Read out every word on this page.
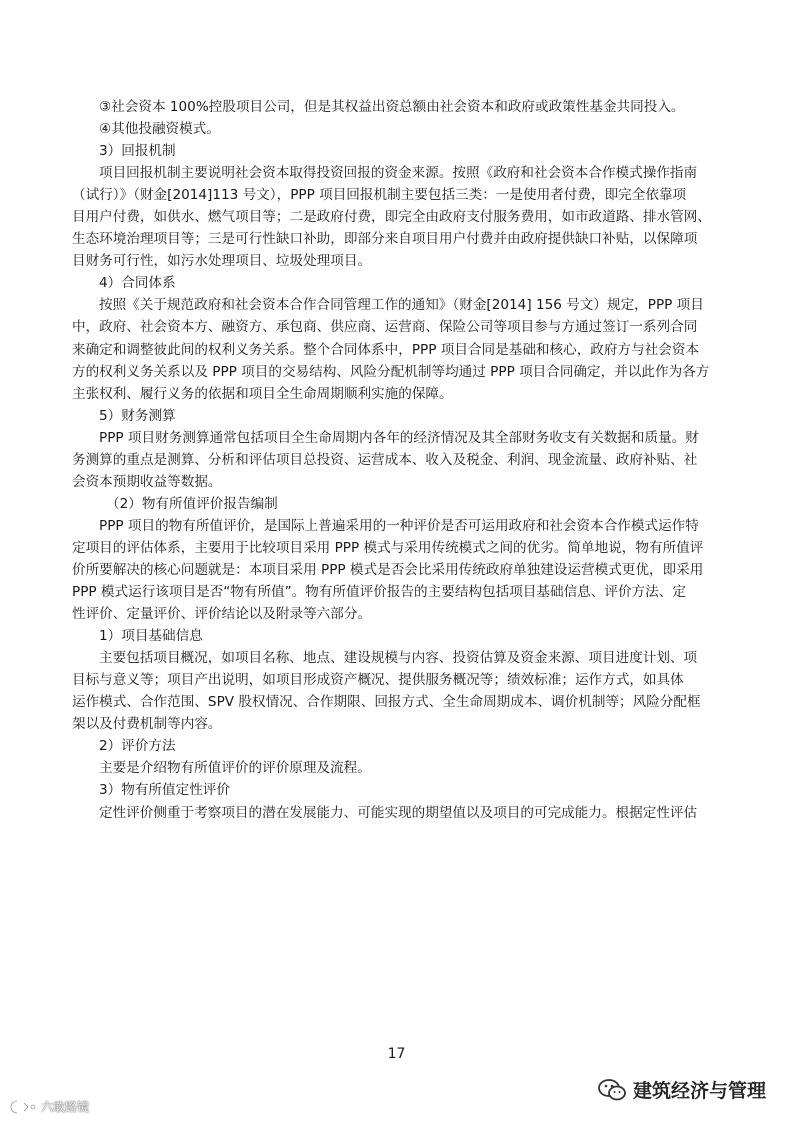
③社会资本 100%控股项目公司，但是其权益出资总额由社会资本和政府或政策性基金共同投入。
④其他投融资模式。
3）回报机制
项目回报机制主要说明社会资本取得投资回报的资金来源。按照《政府和社会资本合作模式操作指南
（试行）》（财金[2014]113 号文），PPP 项目回报机制主要包括三类：一是使用者付费，即完全依靠项
目用户付费，如供水、燃气项目等；二是政府付费，即完全由政府支付服务费用，如市政道路、排水管网、
生态环境治理项目等；三是可行性缺口补助，即部分来自项目用户付费并由政府提供缺口补贴，以保障项
目财务可行性，如污水处理项目、垃圾处理项目。
4）合同体系
按照《关于规范政府和社会资本合作合同管理工作的通知》（财金[2014] 156 号文）规定，PPP 项目
中，政府、社会资本方、融资方、承包商、供应商、运营商、保险公司等项目参与方通过签订一系列合同
来确定和调整彼此间的权利义务关系。整个合同体系中，PPP 项目合同是基础和核心，政府方与社会资本
方的权利义务关系以及 PPP 项目的交易结构、风险分配机制等均通过 PPP 项目合同确定，并以此作为各方
主张权利、履行义务的依据和项目全生命周期顺利实施的保障。
5）财务测算
PPP 项目财务测算通常包括项目全生命周期内各年的经济情况及其全部财务收支有关数据和质量。财
务测算的重点是测算、分析和评估项目总投资、运营成本、收入及税金、利润、现金流量、政府补贴、社
会资本预期收益等数据。
（2）物有所值评价报告编制
PPP 项目的物有所值评价，是国际上普遍采用的一种评价是否可运用政府和社会资本合作模式运作特
定项目的评估体系，主要用于比较项目采用 PPP 模式与采用传统模式之间的优劣。简单地说，物有所值评
价所要解决的核心问题就是：本项目采用 PPP 模式是否会比采用传统政府单独建设运营模式更优，即采用
PPP 模式运行该项目是否“物有所值”。物有所值评价报告的主要结构包括项目基础信息、评价方法、定
性评价、定量评价、评价结论以及附录等六部分。
1）项目基础信息
主要包括项目概况，如项目名称、地点、建设规模与内容、投资估算及资金来源、项目进度计划、项
目标与意义等；项目产出说明，如项目形成资产概况、提供服务概况等；绩效标准；运作方式，如具体
运作模式、合作范围、SPV 股权情况、合作期限、回报方式、全生命周期成本、调价机制等；风险分配框
架以及付费机制等内容。
2）评价方法
主要是介绍物有所值评价的评价原理及流程。
3）物有所值定性评价
定性评价侧重于考察项目的潜在发展能力、可能实现的期望值以及项目的可完成能力。根据定性评估
17
建筑经济与管理
六敢路镜
